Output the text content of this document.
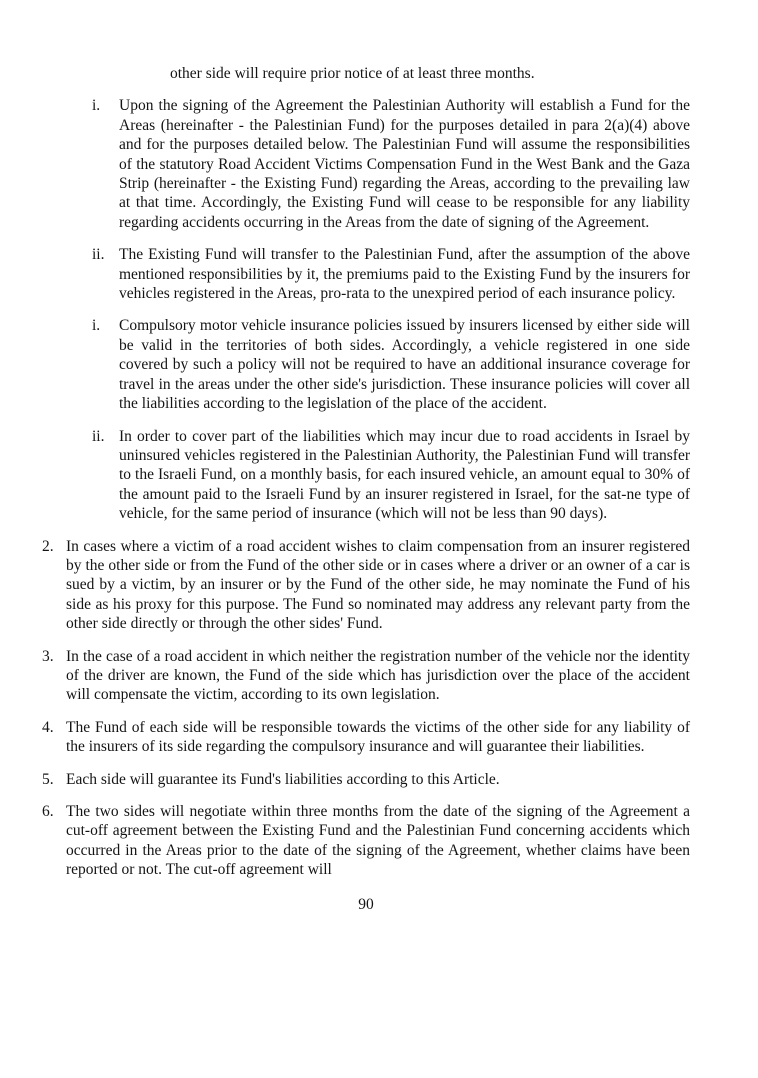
other side will require prior notice of at least three months.

i.	Upon the signing of the Agreement the Palestinian Authority will establish a Fund for the Areas (hereinafter - the Palestinian Fund) for the purposes detailed in para 2(a)(4) above and for the purposes detailed below. The Palestinian Fund will assume the responsibilities of the statutory Road Accident Victims Compensation Fund in the West Bank and the Gaza Strip (hereinafter - the Existing Fund) regarding the Areas, according to the prevailing law at that time. Accordingly, the Existing Fund will cease to be responsible for any liability regarding accidents occurring in the Areas from the date of signing of the Agreement.
ii. The Existing Fund will transfer to the Palestinian Fund, after the assumption of the above mentioned responsibilities by it, the premiums paid to the Existing Fund by the insurers for vehicles registered in the Areas, pro-rata to the unexpired period of each insurance policy.
i.	Compulsory motor vehicle insurance policies issued by insurers licensed by either side will be valid in the territories of both sides. Accordingly, a vehicle registered in one side covered by such a policy will not be required to have an additional insurance coverage for travel in the areas under the other side's jurisdiction. These insurance policies will cover all the liabilities according to the legislation of the place of the accident.
ii. In order to cover part of the liabilities which may incur due to road accidents in Israel by uninsured vehicles registered in the Palestinian Authority, the Palestinian Fund will transfer to the Israeli Fund, on a monthly basis, for each insured vehicle, an amount equal to 30% of the amount paid to the Israeli Fund by an insurer registered in Israel, for the sat-ne type of vehicle, for the same period of insurance (which will not be less than 90 days).
2. In cases where a victim of a road accident wishes to claim compensation from an insurer registered by the other side or from the Fund of the other side or in cases where a driver or an owner of a car is sued by a victim, by an insurer or by the Fund of the other side, he may nominate the Fund of his side as his proxy for this purpose. The Fund so nominated may address any relevant party from the other side directly or through the other sides' Fund.
3. In the case of a road accident in which neither the registration number of the vehicle nor the identity of the driver are known, the Fund of the side which has jurisdiction over the place of the accident will compensate the victim, according to its own legislation.
4. The Fund of each side will be responsible towards the victims of the other side for any liability of the insurers of its side regarding the compulsory insurance and will guarantee their liabilities.
5. Each side will guarantee its Fund's liabilities according to this Article.
6. The two sides will negotiate within three months from the date of the signing of the Agreement a cut-off agreement between the Existing Fund and the Palestinian Fund concerning accidents which occurred in the Areas prior to the date of the signing of the Agreement, whether claims have been reported or not. The cut-off agreement will
90
